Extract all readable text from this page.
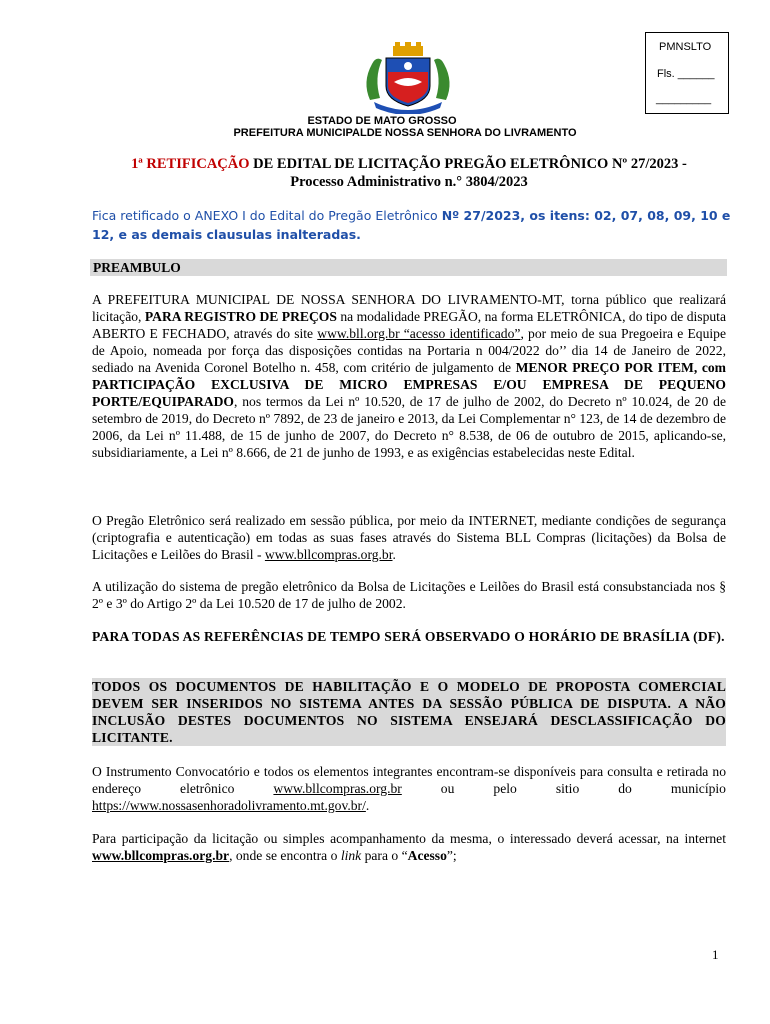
PMNSLTO
Fls. ______
_________
ESTADO DE MATO GROSSO
PREFEITURA MUNICIPALDE NOSSA SENHORA DO LIVRAMENTO
1ª RETIFICAÇÃO DE EDITAL DE LICITAÇÃO PREGÃO ELETRÔNICO Nº 27/2023 -
Processo Administrativo n.° 3804/2023
Fica retificado o ANEXO I do Edital do Pregão Eletrônico Nº 27/2023, os itens: 02, 07, 08, 09, 10 e 12, e as demais clausulas inalteradas.
PREAMBULO
A PREFEITURA MUNICIPAL DE NOSSA SENHORA DO LIVRAMENTO-MT, torna público que realizará licitação, PARA REGISTRO DE PREÇOS na modalidade PREGÃO, na forma ELETRÔNICA, do tipo de disputa ABERTO E FECHADO, através do site www.bll.org.br “acesso identificado”, por meio de sua Pregoeira e Equipe de Apoio, nomeada por força das disposições contidas na Portaria n 004/2022 do’’ dia 14 de Janeiro de 2022, sediado na Avenida Coronel Botelho n. 458, com critério de julgamento de MENOR PREÇO POR ITEM, com PARTICIPAÇÃO EXCLUSIVA DE MICRO EMPRESAS E/OU EMPRESA DE PEQUENO PORTE/EQUIPARADO, nos termos da Lei nº 10.520, de 17 de julho de 2002, do Decreto nº 10.024, de 20 de setembro de 2019, do Decreto nº 7892, de 23 de janeiro e 2013, da Lei Complementar n° 123, de 14 de dezembro de 2006, da Lei nº 11.488, de 15 de junho de 2007, do Decreto n° 8.538, de 06 de outubro de 2015, aplicando-se, subsidiariamente, a Lei nº 8.666, de 21 de junho de 1993, e as exigências estabelecidas neste Edital.
O Pregão Eletrônico será realizado em sessão pública, por meio da INTERNET, mediante condições de segurança (criptografia e autenticação) em todas as suas fases através do Sistema BLL Compras (licitações) da Bolsa de Licitações e Leilões do Brasil - www.bllcompras.org.br.
A utilização do sistema de pregão eletrônico da Bolsa de Licitações e Leilões do Brasil está consubstanciada nos § 2º e 3º do Artigo 2º da Lei 10.520 de 17 de julho de 2002.
PARA TODAS AS REFERÊNCIAS DE TEMPO SERÁ OBSERVADO O HORÁRIO DE BRASÍLIA (DF).
TODOS OS DOCUMENTOS DE HABILITAÇÃO E O MODELO DE PROPOSTA COMERCIAL DEVEM SER INSERIDOS NO SISTEMA ANTES DA SESSÃO PÚBLICA DE DISPUTA. A NÃO INCLUSÃO DESTES DOCUMENTOS NO SISTEMA ENSEJARÁ DESCLASSIFICAÇÃO DO LICITANTE.
O Instrumento Convocatório e todos os elementos integrantes encontram-se disponíveis para consulta e retirada no endereço eletrônico www.bllcompras.org.br ou pelo sitio do município https://www.nossasenhoradolivramento.mt.gov.br/.
Para participação da licitação ou simples acompanhamento da mesma, o interessado deverá acessar, na internet www.bllcompras.org.br, onde se encontra o link para o “Acesso”;
1
